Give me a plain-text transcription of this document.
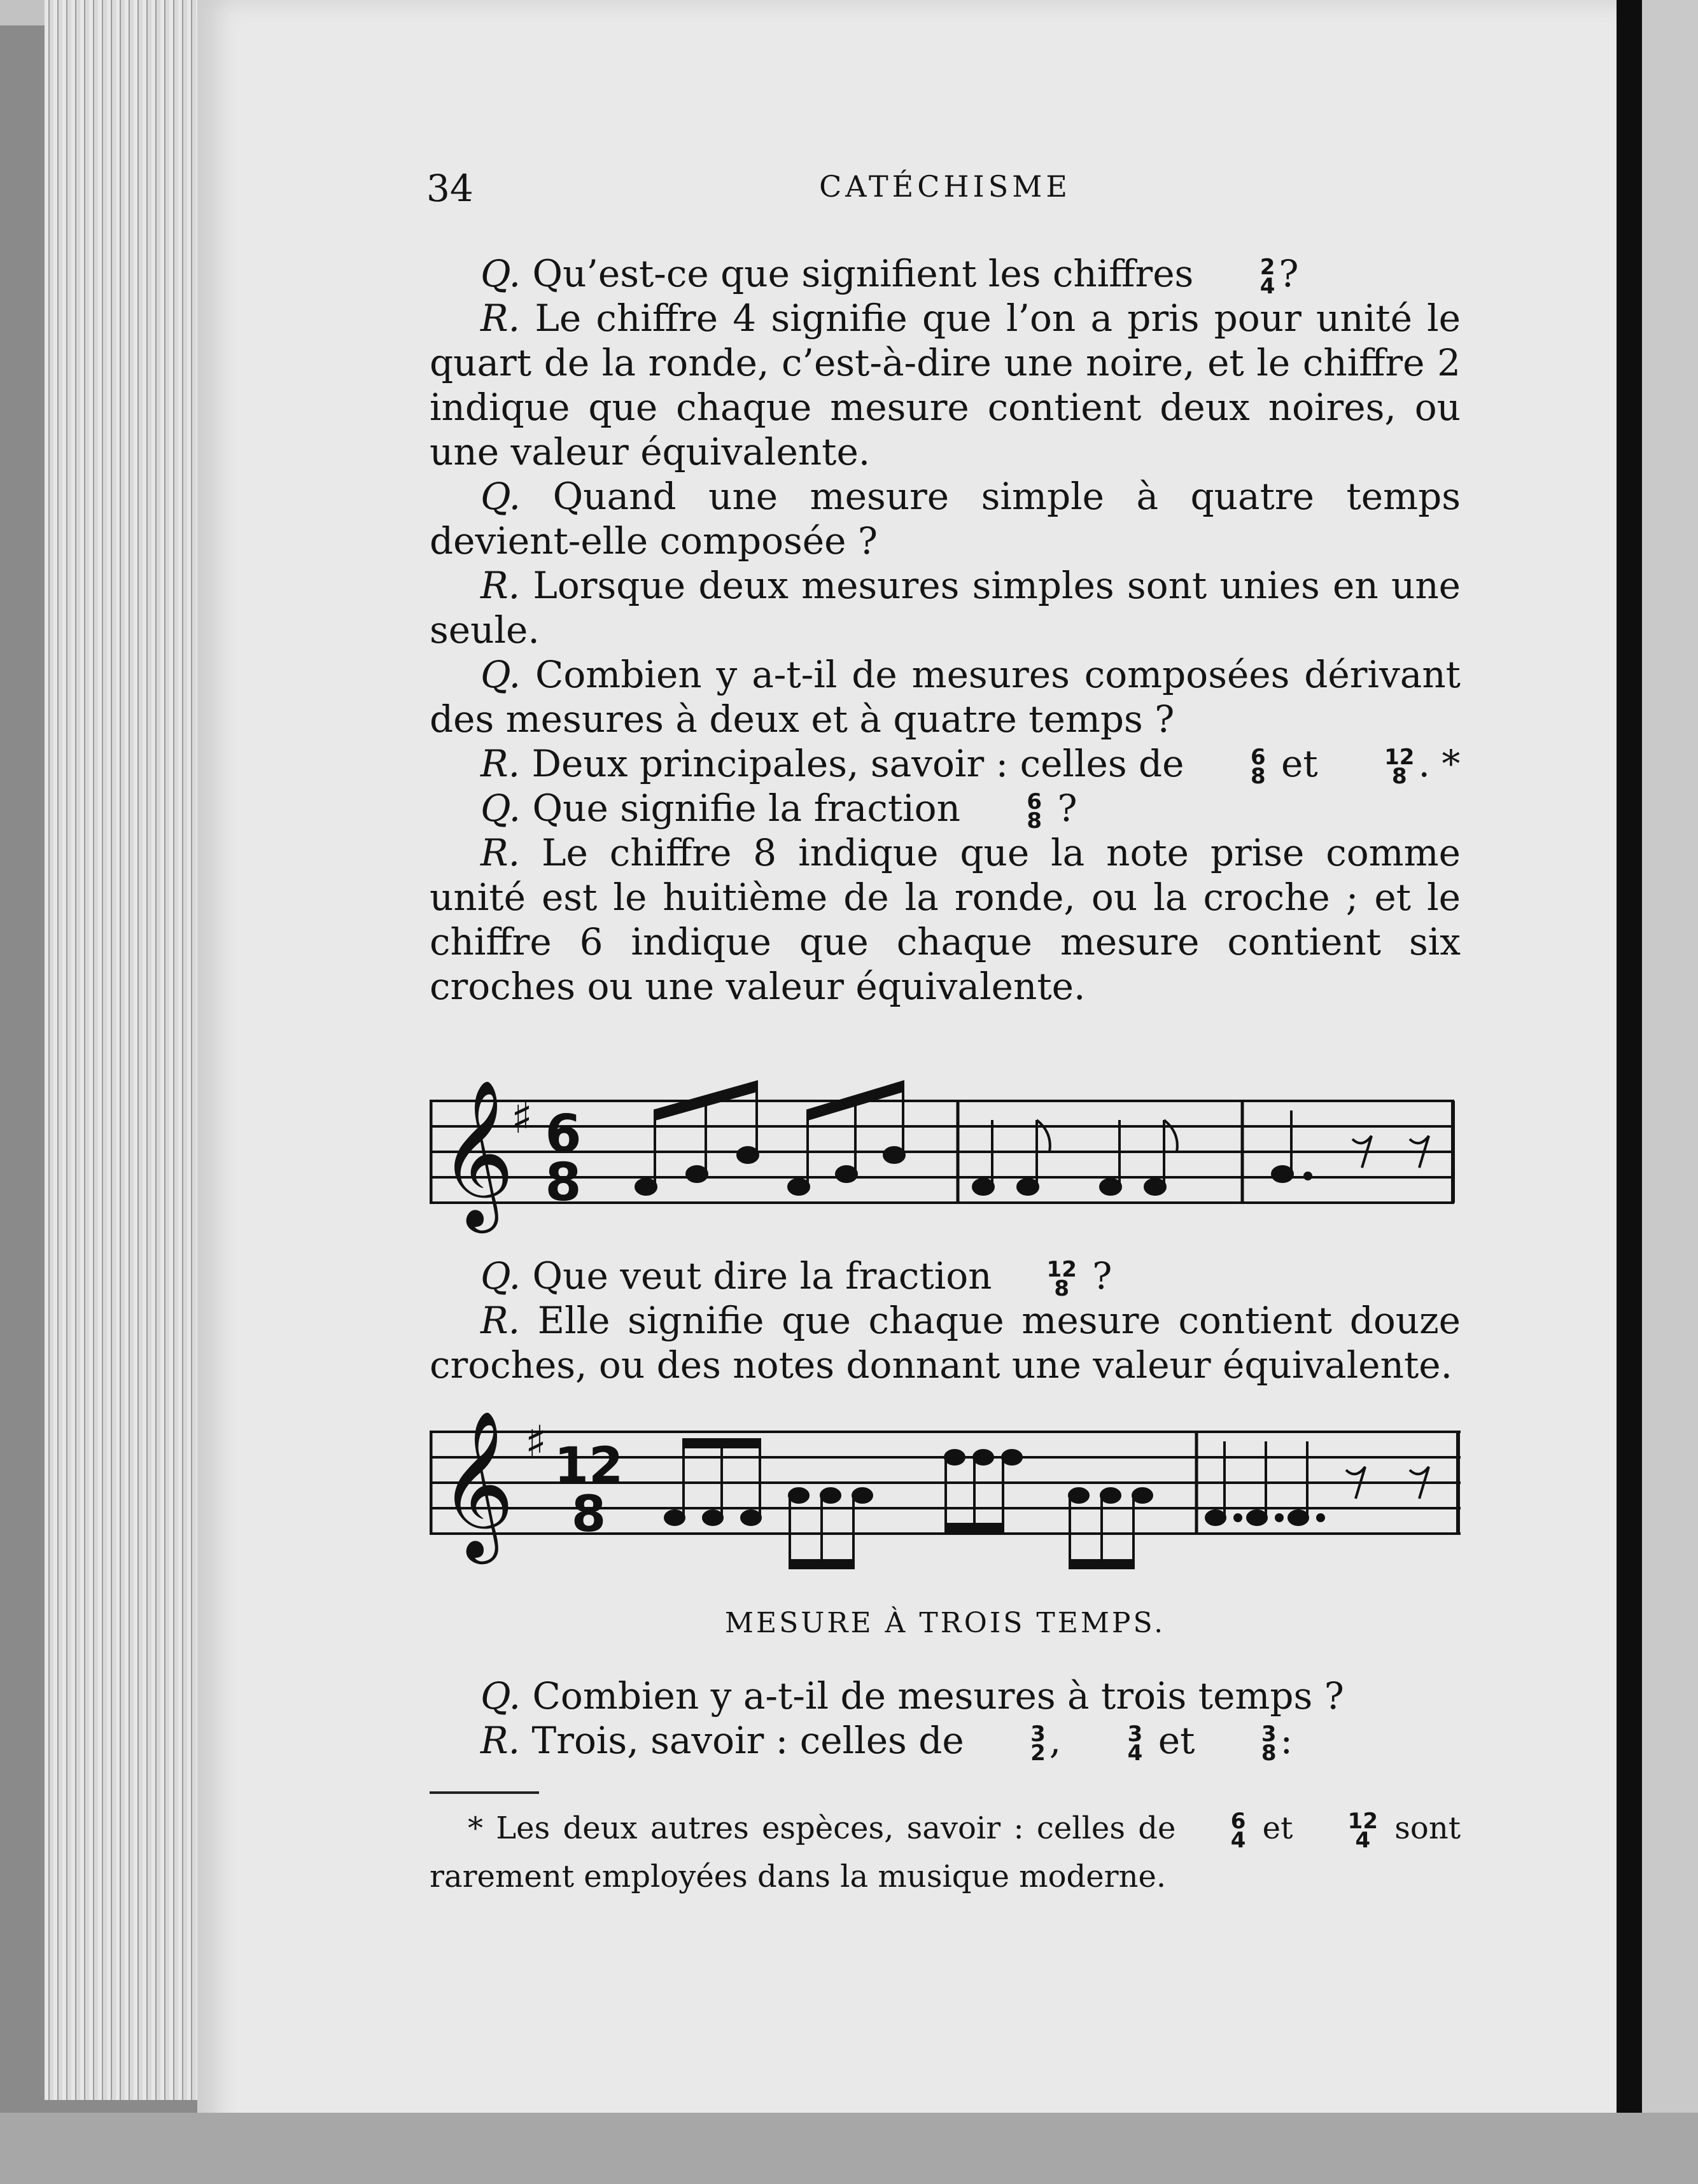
34	CATÉCHISME

Q. Qu’est-ce que signifient les chiffres	2
4 ?

R. Le chiffre 4 signifie que l’on a pris pour unité le quart de la ronde, c’est-à-dire une noire, et le chiffre 2 indique que chaque mesure contient deux noires, ou une valeur équivalente.

Q. Quand une mesure simple à quatre temps devient-elle composée ?

R. Lorsque deux mesures simples sont unies en une seule.

Q. Combien y a-t-il de mesures composées dérivant des mesures à deux et à quatre temps ?

R. Deux principales, savoir : celles de	6
8 et	12
8 . *

Q. Que signifie la fraction	6
8 ?

R. Le chiffre 8 indique que la note prise comme unité est le huitième de la ronde, ou la croche ; et le chiffre 6 indique que chaque mesure contient six croches ou une valeur équivalente.

𝄞
♯ 6
8

Q. Que veut dire la fraction	12
8 ?

R. Elle signifie que chaque mesure contient douze croches, ou des notes donnant une valeur équivalente.

𝄞 ♯ 12
8
MESURE À TROIS TEMPS.

Q. Combien y a-t-il de mesures à trois temps ?

R. Trois, savoir : celles de	3
2 ,	3
4 et	3
8 :

* Les deux autres espèces, savoir : celles de	6
4 et	12
4 sont rarement employées dans la musique moderne.
